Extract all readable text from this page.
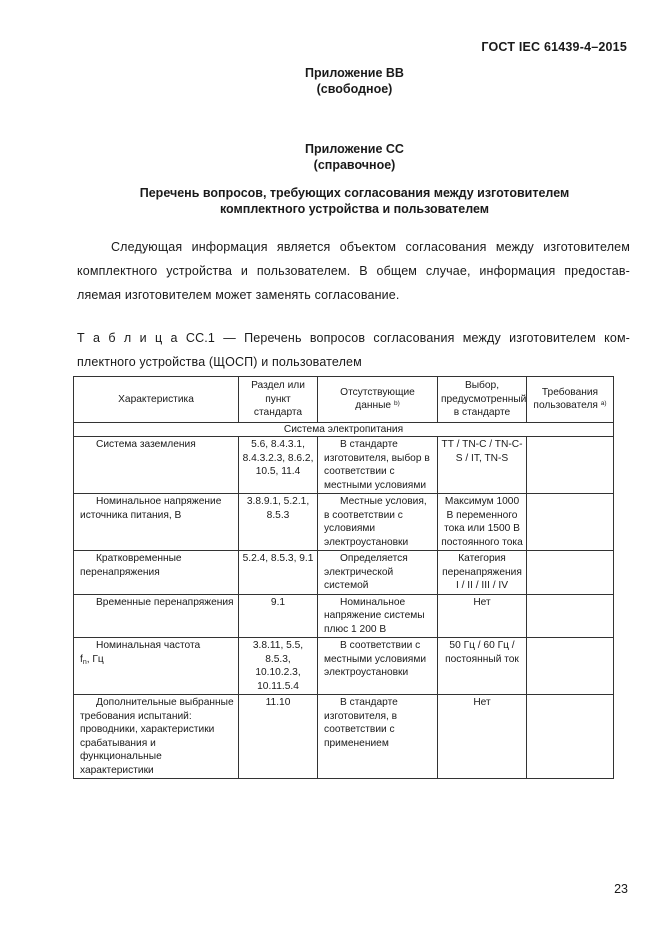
ГОСТ IEC 61439-4–2015
Приложение ВВ
(свободное)
Приложение СС
(справочное)
Перечень вопросов, требующих согласования между изготовителем
комплектного устройства и пользователем
Следующая информация является объектом согласования между изготовителем
комплектного устройства и пользователем. В общем случае, информация предостав-
ляемая изготовителем может заменять согласование.
Т а б л и ц а СС.1 — Перечень вопросов согласования между изготовителем ком-
плектного устройства (ЩОСП) и пользователем
Характеристика	Раздел или пункт стандарта	Отсутствующие данные $^{b)}$	Выбор, предусмотренный в стандарте	Требования пользователя $^{a)}$
Система электропитания				
Система заземления	5.6, 8.4.3.1, 8.4.3.2.3, 8.6.2, 10.5, 11.4	В стандарте изготовителя, выбор в соответствии с местными условиями	TT / TN-C / TN-C-S / IT, TN-S	
Номинальное напряжение источника питания, В	3.8.9.1, 5.2.1, 8.5.3	Местные условия, в соответствии с условиями электроустановки	Максимум 1000 В переменного тока или 1500 В постоянного тока	
Кратковременные перенапряжения	5.2.4, 8.5.3, 9.1	Определяется электрической системой	Категория перенапряжения I / II / III / IV	
Временные перенапряжения	9.1	Номинальное напряжение системы плюс 1 200 В	Нет	
Номинальная частота
$f_n$, Гц	3.8.11, 5.5, 8.5.3, 10.10.2.3, 10.11.5.4	В соответствии с местными условиями электроустановки	50 Гц / 60 Гц / постоянный ток	
Дополнительные выбранные требования испытаний: проводники, характеристики срабатывания и функциональные характеристики	11.10	В стандарте изготовителя, в соответствии с применением	Нет	
23
